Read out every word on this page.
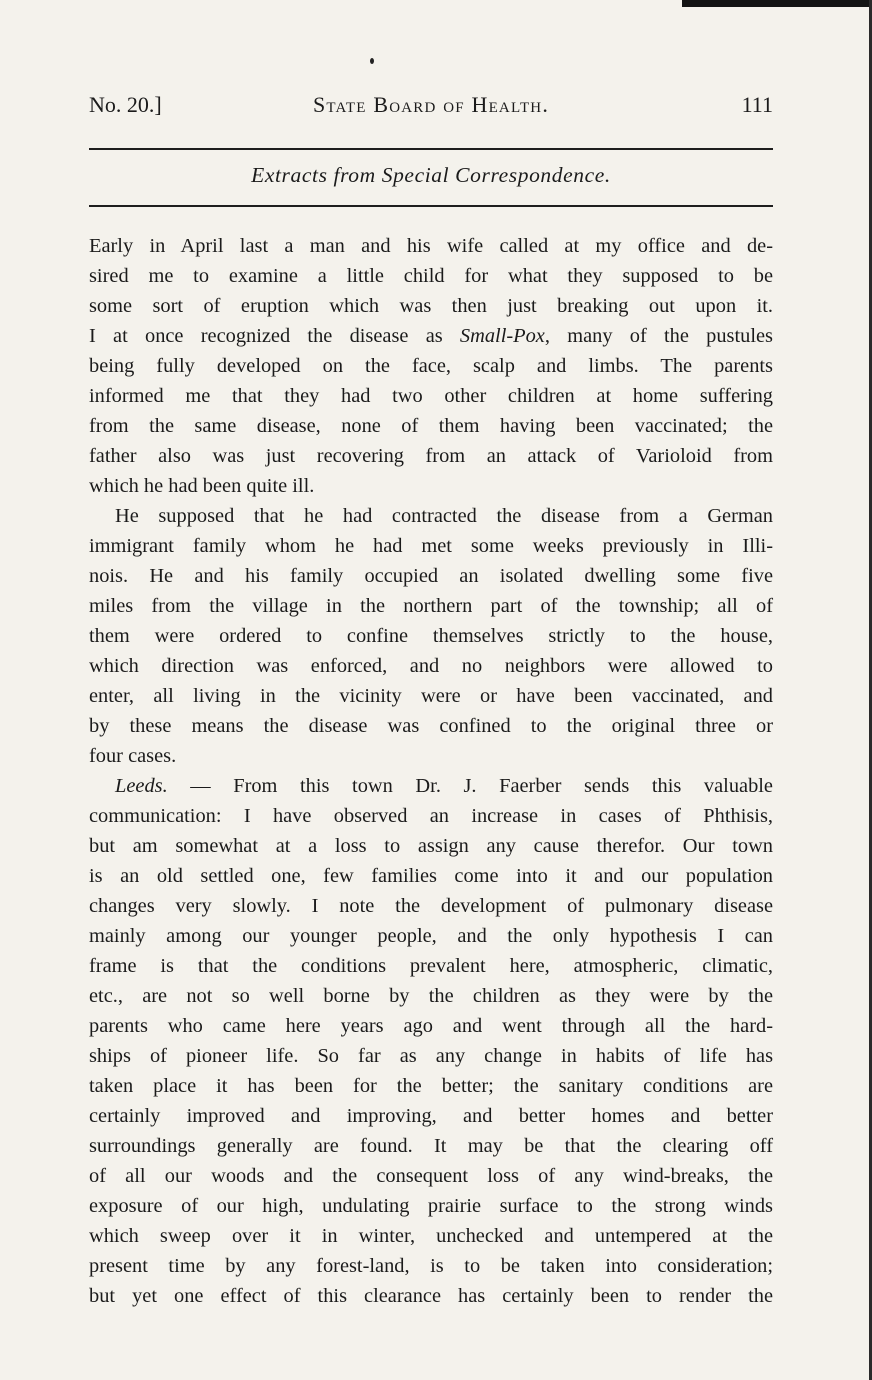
No. 20.]	State Board of Health.	111
Extracts from Special Correspondence.
Early in April last a man and his wife called at my office and de-
sired me to examine a little child for what they supposed to be
some sort of eruption which was then just breaking out upon it.
I at once recognized the disease as Small-Pox, many of the pustules
being fully developed on the face, scalp and limbs. The parents
informed me that they had two other children at home suffering
from the same disease, none of them having been vaccinated; the
father also was just recovering from an attack of Varioloid from
which he had been quite ill.
He supposed that he had contracted the disease from a German
immigrant family whom he had met some weeks previously in Illi-
nois. He and his family occupied an isolated dwelling some five
miles from the village in the northern part of the township; all of
them were ordered to confine themselves strictly to the house,
which direction was enforced, and no neighbors were allowed to
enter, all living in the vicinity were or have been vaccinated, and
by these means the disease was confined to the original three or
four cases.
Leeds. — From this town Dr. J. Faerber sends this valuable
communication: I have observed an increase in cases of Phthisis,
but am somewhat at a loss to assign any cause therefor. Our town
is an old settled one, few families come into it and our population
changes very slowly. I note the development of pulmonary disease
mainly among our younger people, and the only hypothesis I can
frame is that the conditions prevalent here, atmospheric, climatic,
etc., are not so well borne by the children as they were by the
parents who came here years ago and went through all the hard-
ships of pioneer life. So far as any change in habits of life has
taken place it has been for the better; the sanitary conditions are
certainly improved and improving, and better homes and better
surroundings generally are found. It may be that the clearing off
of all our woods and the consequent loss of any wind-breaks, the
exposure of our high, undulating prairie surface to the strong winds
which sweep over it in winter, unchecked and untempered at the
present time by any forest-land, is to be taken into consideration;
but yet one effect of this clearance has certainly been to render the
